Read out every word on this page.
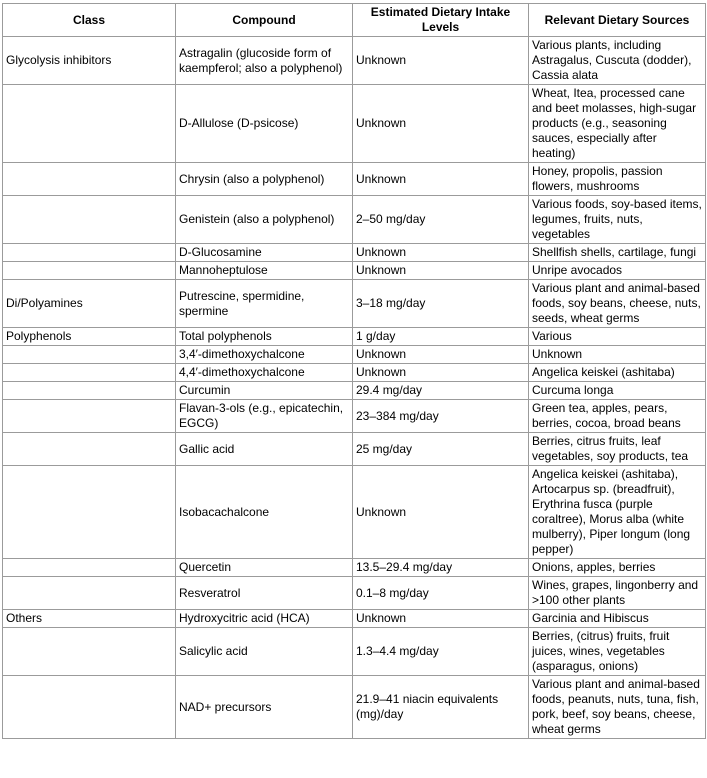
Class	Compound	Estimated Dietary Intake Levels	Relevant Dietary Sources
Glycolysis inhibitors	Astragalin (glucoside form of kaempferol; also a polyphenol)	Unknown	Various plants, including Astragalus, Cuscuta (dodder), Cassia alata
	D-Allulose (D-psicose)	Unknown	Wheat, Itea, processed cane and beet molasses, high-sugar products (e.g., seasoning sauces, especially after heating)
	Chrysin (also a polyphenol)	Unknown	Honey, propolis, passion flowers, mushrooms
	Genistein (also a polyphenol)	2–50 mg/day	Various foods, soy-based items, legumes, fruits, nuts, vegetables
	D-Glucosamine	Unknown	Shellfish shells, cartilage, fungi
	Mannoheptulose	Unknown	Unripe avocados
Di/Polyamines	Putrescine, spermidine, spermine	3–18 mg/day	Various plant and animal-based foods, soy beans, cheese, nuts, seeds, wheat germs
Polyphenols	Total polyphenols	1 g/day	Various
	3,4′-dimethoxychalcone	Unknown	Unknown
	4,4′-dimethoxychalcone	Unknown	Angelica keiskei (ashitaba)
	Curcumin	29.4 mg/day	Curcuma longa
	Flavan-3-ols (e.g., epicatechin, EGCG)	23–384 mg/day	Green tea, apples, pears, berries, cocoa, broad beans
	Gallic acid	25 mg/day	Berries, citrus fruits, leaf vegetables, soy products, tea
	Isobacachalcone	Unknown	Angelica keiskei (ashitaba), Artocarpus sp. (breadfruit), Erythrina fusca (purple coraltree), Morus alba (white mulberry), Piper longum (long pepper)
	Quercetin	13.5–29.4 mg/day	Onions, apples, berries
	Resveratrol	0.1–8 mg/day	Wines, grapes, lingonberry and >100 other plants
Others	Hydroxycitric acid (HCA)	Unknown	Garcinia and Hibiscus
	Salicylic acid	1.3–4.4 mg/day	Berries, (citrus) fruits, fruit juices, wines, vegetables (asparagus, onions)
	NAD+ precursors	21.9–41 niacin equivalents (mg)/day	Various plant and animal-based foods, peanuts, nuts, tuna, fish, pork, beef, soy beans, cheese, wheat germs
